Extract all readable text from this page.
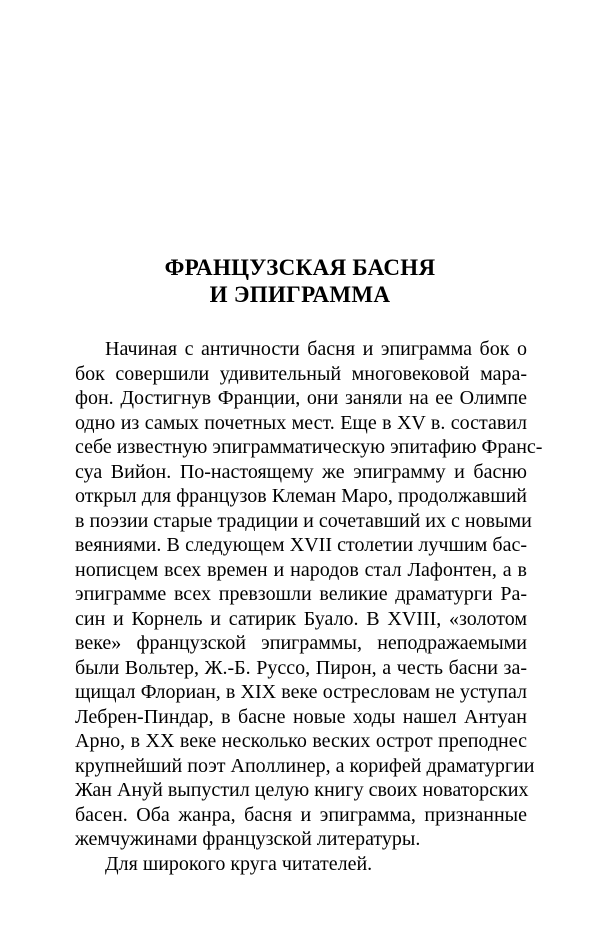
ФРАНЦУЗСКАЯ БАСНЯ
И ЭПИГРАММА
Начиная с античности басня и эпиграмма бок о
бок совершили удивительный многовековой мара-
фон. Достигнув Франции, они заняли на ее Олимпе
одно из самых почетных мест. Еще в XV в. составил
себе известную эпиграмматическую эпитафию Франс-
суа Вийон. По-настоящему же эпиграмму и басню
открыл для французов Клеман Маро, продолжавший
в поэзии старые традиции и сочетавший их с новыми
веяниями. В следующем XVII столетии лучшим бас-
нописцем всех времен и народов стал Лафонтен, а в
эпиграмме всех превзошли великие драматурги Ра-
син и Корнель и сатирик Буало. В XVIII, «золотом
веке» французской эпиграммы, неподражаемыми
были Вольтер, Ж.-Б. Руссо, Пирон, а честь басни за-
щищал Флориан, в XIX веке остресловам не уступал
Лебрен-Пиндар, в басне новые ходы нашел Антуан
Арно, в XX веке несколько веских острот преподнес
крупнейший поэт Аполлинер, а корифей драматургии
Жан Ануй выпустил целую книгу своих новаторских
басен. Оба жанра, басня и эпиграмма, признанные
жемчужинами французской литературы.
Для широкого круга читателей.
